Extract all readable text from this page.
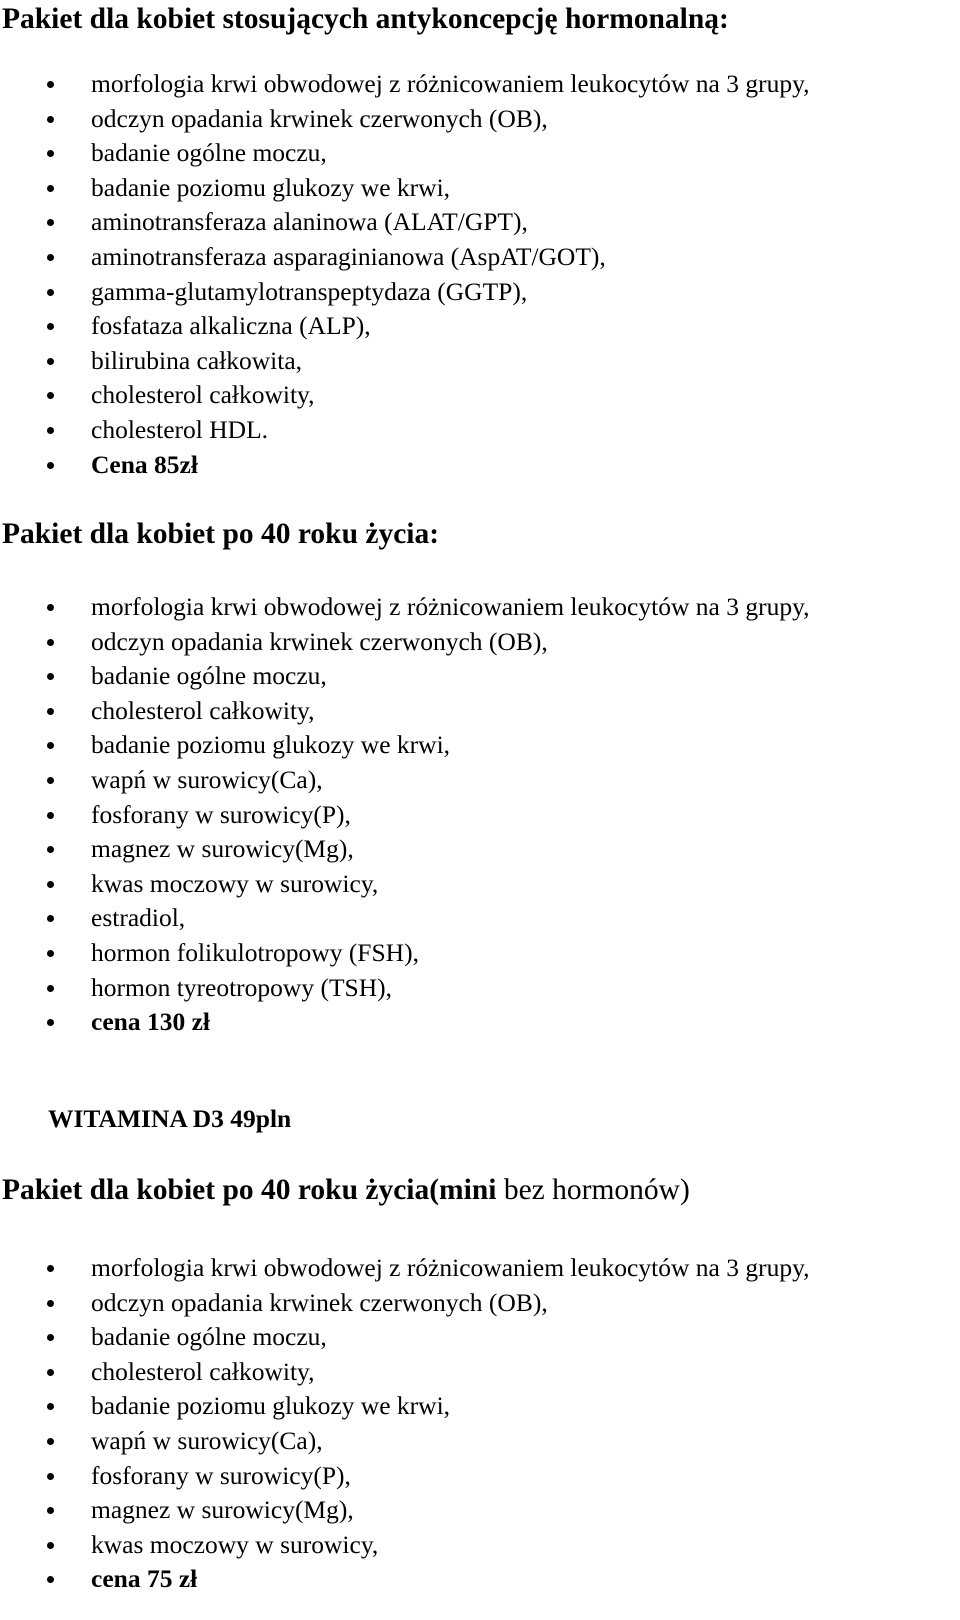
Pakiet dla kobiet stosujących antykoncepcję hormonalną:
morfologia krwi obwodowej z różnicowaniem leukocytów na 3 grupy,
odczyn opadania krwinek czerwonych (OB),
badanie ogólne moczu,
badanie poziomu glukozy we krwi,
aminotransferaza alaninowa (ALAT/GPT),
aminotransferaza asparaginianowa (AspAT/GOT),
gamma-glutamylotranspeptydaza (GGTP),
fosfataza alkaliczna (ALP),
bilirubina całkowita,
cholesterol całkowity,
cholesterol HDL.
Cena 85zł
Pakiet dla kobiet po 40 roku życia:
morfologia krwi obwodowej z różnicowaniem leukocytów na 3 grupy,
odczyn opadania krwinek czerwonych (OB),
badanie ogólne moczu,
cholesterol całkowity,
badanie poziomu glukozy we krwi,
wapń w surowicy(Ca),
fosforany w surowicy(P),
magnez w surowicy(Mg),
kwas moczowy w surowicy,
estradiol,
hormon folikulotropowy (FSH),
hormon tyreotropowy (TSH),
cena 130 zł
WITAMINA D3 49pln
Pakiet dla kobiet po 40 roku życia(mini bez hormonów)
morfologia krwi obwodowej z różnicowaniem leukocytów na 3 grupy,
odczyn opadania krwinek czerwonych (OB),
badanie ogólne moczu,
cholesterol całkowity,
badanie poziomu glukozy we krwi,
wapń w surowicy(Ca),
fosforany w surowicy(P),
magnez w surowicy(Mg),
kwas moczowy w surowicy,
cena 75 zł
